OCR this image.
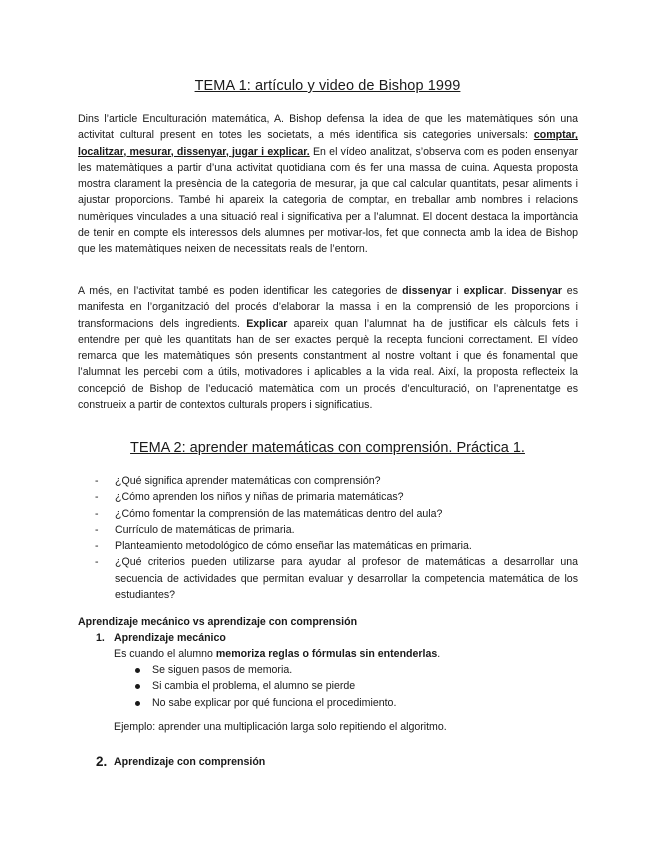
TEMA 1: artículo y video de Bishop 1999

Dins l’article Enculturación matemática, A. Bishop defensa la idea de que les matemàtiques són una activitat cultural present en totes les societats, a més identifica sis categories universals: comptar, localitzar, mesurar, dissenyar, jugar i explicar. En el vídeo analitzat, s’observa com es poden ensenyar les matemàtiques a partir d’una activitat quotidiana com és fer una massa de cuina. Aquesta proposta mostra clarament la presència de la categoria de mesurar, ja que cal calcular quantitats, pesar aliments i ajustar proporcions. També hi apareix la categoria de comptar, en treballar amb nombres i relacions numèriques vinculades a una situació real i significativa per a l’alumnat. El docent destaca la importància de tenir en compte els interessos dels alumnes per motivar-los, fet que connecta amb la idea de Bishop que les matemàtiques neixen de necessitats reals de l’entorn.

A més, en l’activitat també es poden identificar les categories de dissenyar i explicar. Dissenyar es manifesta en l’organització del procés d’elaborar la massa i en la comprensió de les proporcions i transformacions dels ingredients. Explicar apareix quan l’alumnat ha de justificar els càlculs fets i entendre per què les quantitats han de ser exactes perquè la recepta funcioni correctament. El vídeo remarca que les matemàtiques són presents constantment al nostre voltant i que és fonamental que l’alumnat les percebi com a útils, motivadores i aplicables a la vida real. Així, la proposta reflecteix la concepció de Bishop de l’educació matemàtica com un procés d’enculturació, on l’aprenentatge es construeix a partir de contextos culturals propers i significatius.

TEMA 2: aprender matemáticas con comprensión. Práctica 1.
- ¿Qué significa aprender matemáticas con comprensión?
- ¿Cómo aprenden los niños y niñas de primaria matemáticas?
- ¿Cómo fomentar la comprensión de las matemáticas dentro del aula?
- Currículo de matemáticas de primaria.
- Planteamiento metodológico de cómo enseñar las matemáticas en primaria.
- ¿Qué criterios pueden utilizarse para ayudar al profesor de matemáticas a desarrollar una secuencia de actividades que permitan evaluar y desarrollar la competencia matemática de los estudiantes?
Aprendizaje mecánico vs aprendizaje con comprensión
1. Aprendizaje mecánico
Es cuando el alumno memoriza reglas o fórmulas sin entenderlas.
Se siguen pasos de memoria.
Si cambia el problema, el alumno se pierde
No sabe explicar por qué funciona el procedimiento.
Ejemplo: aprender una multiplicación larga solo repitiendo el algoritmo.
2. Aprendizaje con comprensión
